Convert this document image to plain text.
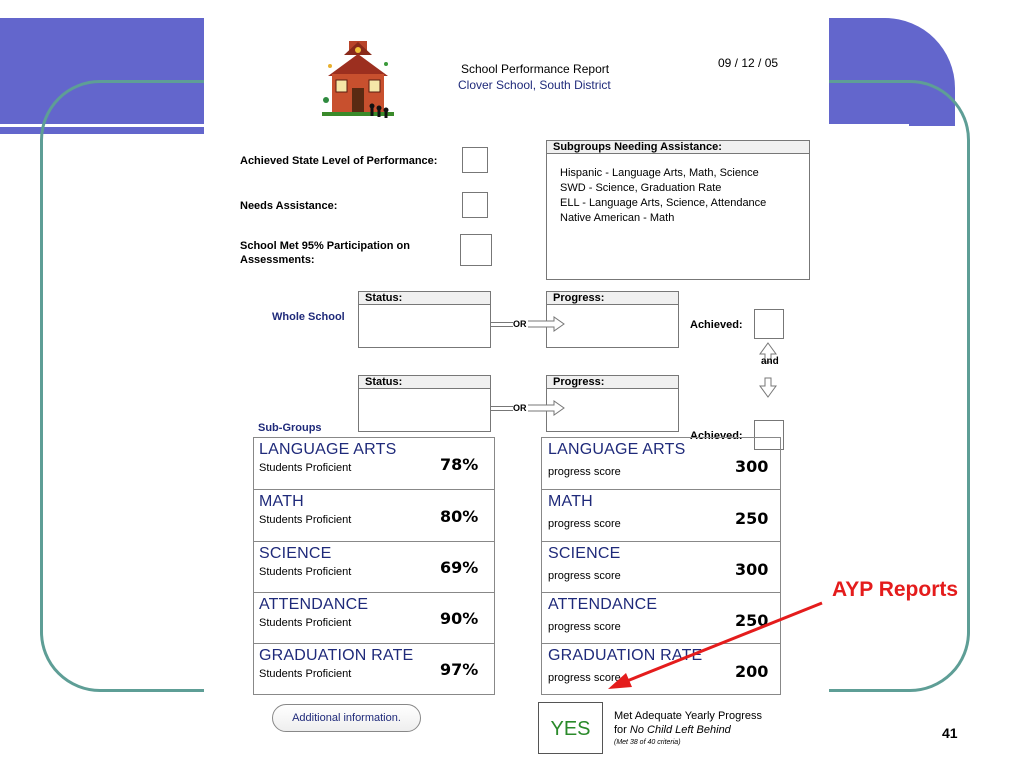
School Performance Report
Clover School, South District
09 / 12 / 05
Achieved State Level of Performance:
Needs Assistance:
School Met 95% Participation on
Assessments:
Subgroups Needing Assistance:
Hispanic - Language Arts, Math, Science
SWD - Science, Graduation Rate
ELL - Language Arts, Science, Attendance
Native American - Math
Whole School
Status:	Progress:
OR	Achieved:
and
Sub-Groups
Status:	Progress:
OR
Achieved:
LANGUAGE ARTS
Students Proficient	78%
MATH
Students Proficient	80%
SCIENCE
Students Proficient	69%
ATTENDANCE
Students Proficient	90%
GRADUATION RATE
Students Proficient	97%
LANGUAGE ARTS
progress score	300
MATH
progress score	250
SCIENCE
progress score	300
ATTENDANCE
progress score	250
GRADUATION RATE
progress score	200
Additional information.	YES
Met Adequate Yearly Progress
for No Child Left Behind
(Met 38 of 40 criteria)
AYP Reports
41
